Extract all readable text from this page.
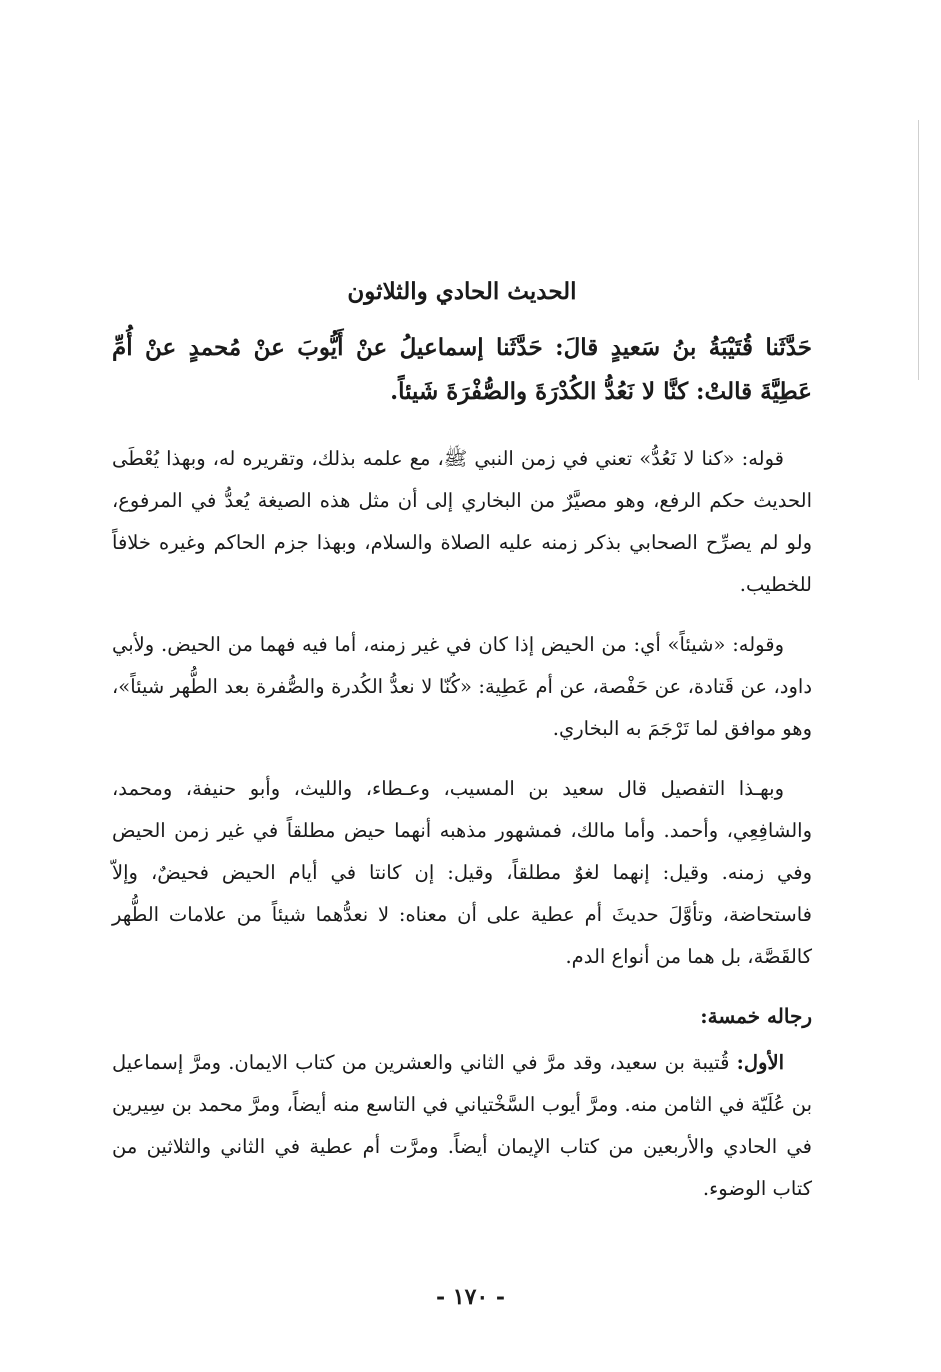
الحديث الحادي والثلاثون
حَدَّثَنا قُتَيْبَةُ بنُ سَعيدٍ قالَ: حَدَّثَنا إسماعيلُ عنْ أَيُّوبَ عنْ مُحمدٍ عنْ أُمِّ عَطِيَّةَ قالتْ: كنَّا لا نَعُدُّ الكُدْرَةَ والصُّفْرَةَ شَيئاً.

قوله: «كنا لا نَعُدُّ» تعني في زمن النبي ﷺ، مع علمه بذلك، وتقريره له، وبهذا يُعْطَى الحديث حكم الرفع، وهو مصيَّرٌ من البخاري إلى أن مثل هذه الصيغة يُعدُّ في المرفوع، ولو لم يصرِّح الصحابي بذكر زمنه عليه الصلاة والسلام، وبهذا جزم الحاكم وغيره خلافاً للخطيب.

وقوله: «شيئاً» أي: من الحيض إذا كان في غير زمنه، أما فيه فهما من الحيض. ولأبي داود، عن قَتادة، عن حَفْصة، عن أم عَطِية: «كُنّا لا نعدُّ الكُدرة والصُّفرة بعد الطُّهر شيئاً»، وهو موافق لما تَرْجَمَ به البخاري.

وبهـذا التفصيل قال سعيد بن المسيب، وعـطاء، والليث، وأبو حنيفة، ومحمد، والشافِعِي، وأحمد. وأما مالك، فمشهور مذهبه أنهما حيض مطلقاً في غير زمن الحيض وفي زمنه. وقيل: إنهما لغوٌ مطلقاً، وقيل: إن كانتا في أيام الحيض فحيضٌ، وإلاّ فاستحاضة، وتأوَّلَ حديثَ أم عطية على أن معناه: لا نعدُّهما شيئاً من علامات الطُّهر كالقَصَّة، بل هما من أنواع الدم.

رجاله خمسة:

الأول: قُتيبة بن سعيد، وقد مرَّ في الثاني والعشرين من كتاب الايمان. ومرَّ إسماعيل بن عُلَيّة في الثامن منه. ومرَّ أيوب السَّخْتياني في التاسع منه أيضاً، ومرَّ محمد بن سِيرين في الحادي والأربعين من كتاب الإيمان أيضاً. ومرَّت أم عطية في الثاني والثلاثين من كتاب الوضوء.

- ١٧٠ -
